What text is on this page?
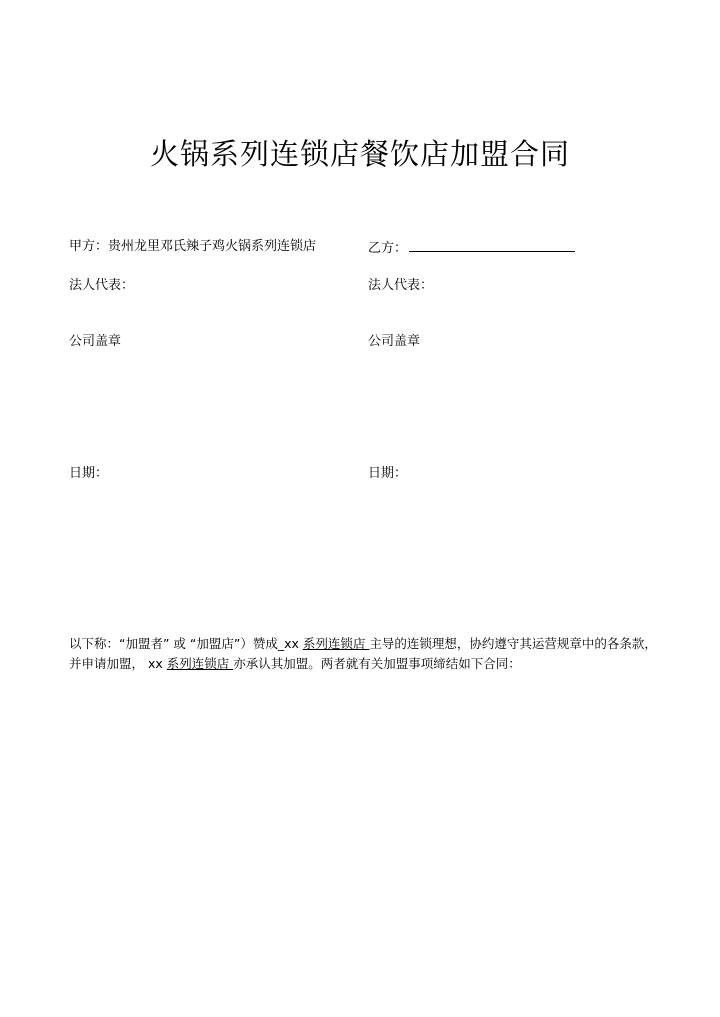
火锅系列连锁店餐饮店加盟合同
甲方：贵州龙里邓氏辣子鸡火锅系列连锁店
法人代表：
公司盖章
日期：
乙方：
法人代表：
公司盖章
日期：
以下称：“加盟者” 或 “加盟店”）赞成_xx 系列连锁店 主导的连锁理想，协约遵守其运营规章中的各条款，
并申请加盟， xx 系列连锁店 亦承认其加盟。两者就有关加盟事项缔结如下合同：
